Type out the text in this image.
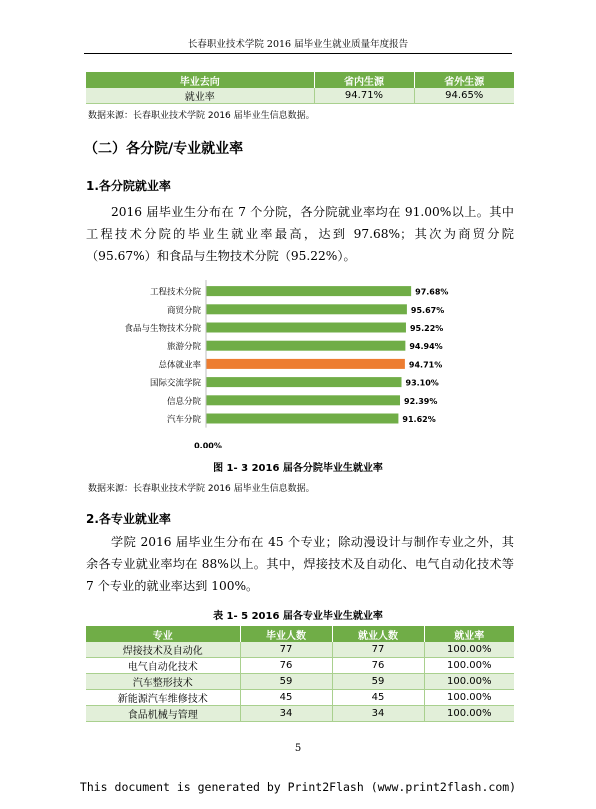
长春职业技术学院 2016 届毕业生就业质量年度报告
毕业去向	省内生源	省外生源
就业率	94.71%	94.65%
数据来源：长春职业技术学院 2016 届毕业生信息数据。
（二）各分院/专业就业率
1.各分院就业率

2016 届毕业生分布在 7 个分院，各分院就业率均在 91.00%以上。其中工程技术分院的毕业生就业率最高，达到 97.68%；其次为商贸分院（95.67%）和食品与生物技术分院（95.22%）。

工程技术分院	97.68%
商贸分院	95.67%
食品与生物技术分院	95.22%
旅游分院	94.94%
总体就业率	94.71%
国际交流学院	93.10%
信息分院	92.39%
汽车分院	91.62%
0.00%
图 1- 3 2016 届各分院毕业生就业率
数据来源：长春职业技术学院 2016 届毕业生信息数据。
2.各专业就业率

学院 2016 届毕业生分布在 45 个专业；除动漫设计与制作专业之外，其余各专业就业率均在 88%以上。其中，焊接技术及自动化、电气自动化技术等 7 个专业的就业率达到 100%。

表 1- 5 2016 届各专业毕业生就业率
专业	毕业人数	就业人数	就业率
焊接技术及自动化	77	77	100.00%
电气自动化技术	76	76	100.00%
汽车整形技术	59	59	100.00%
新能源汽车维修技术	45	45	100.00%
食品机械与管理	34	34	100.00%
5
This document is generated by Print2Flash (www.print2flash.com)
